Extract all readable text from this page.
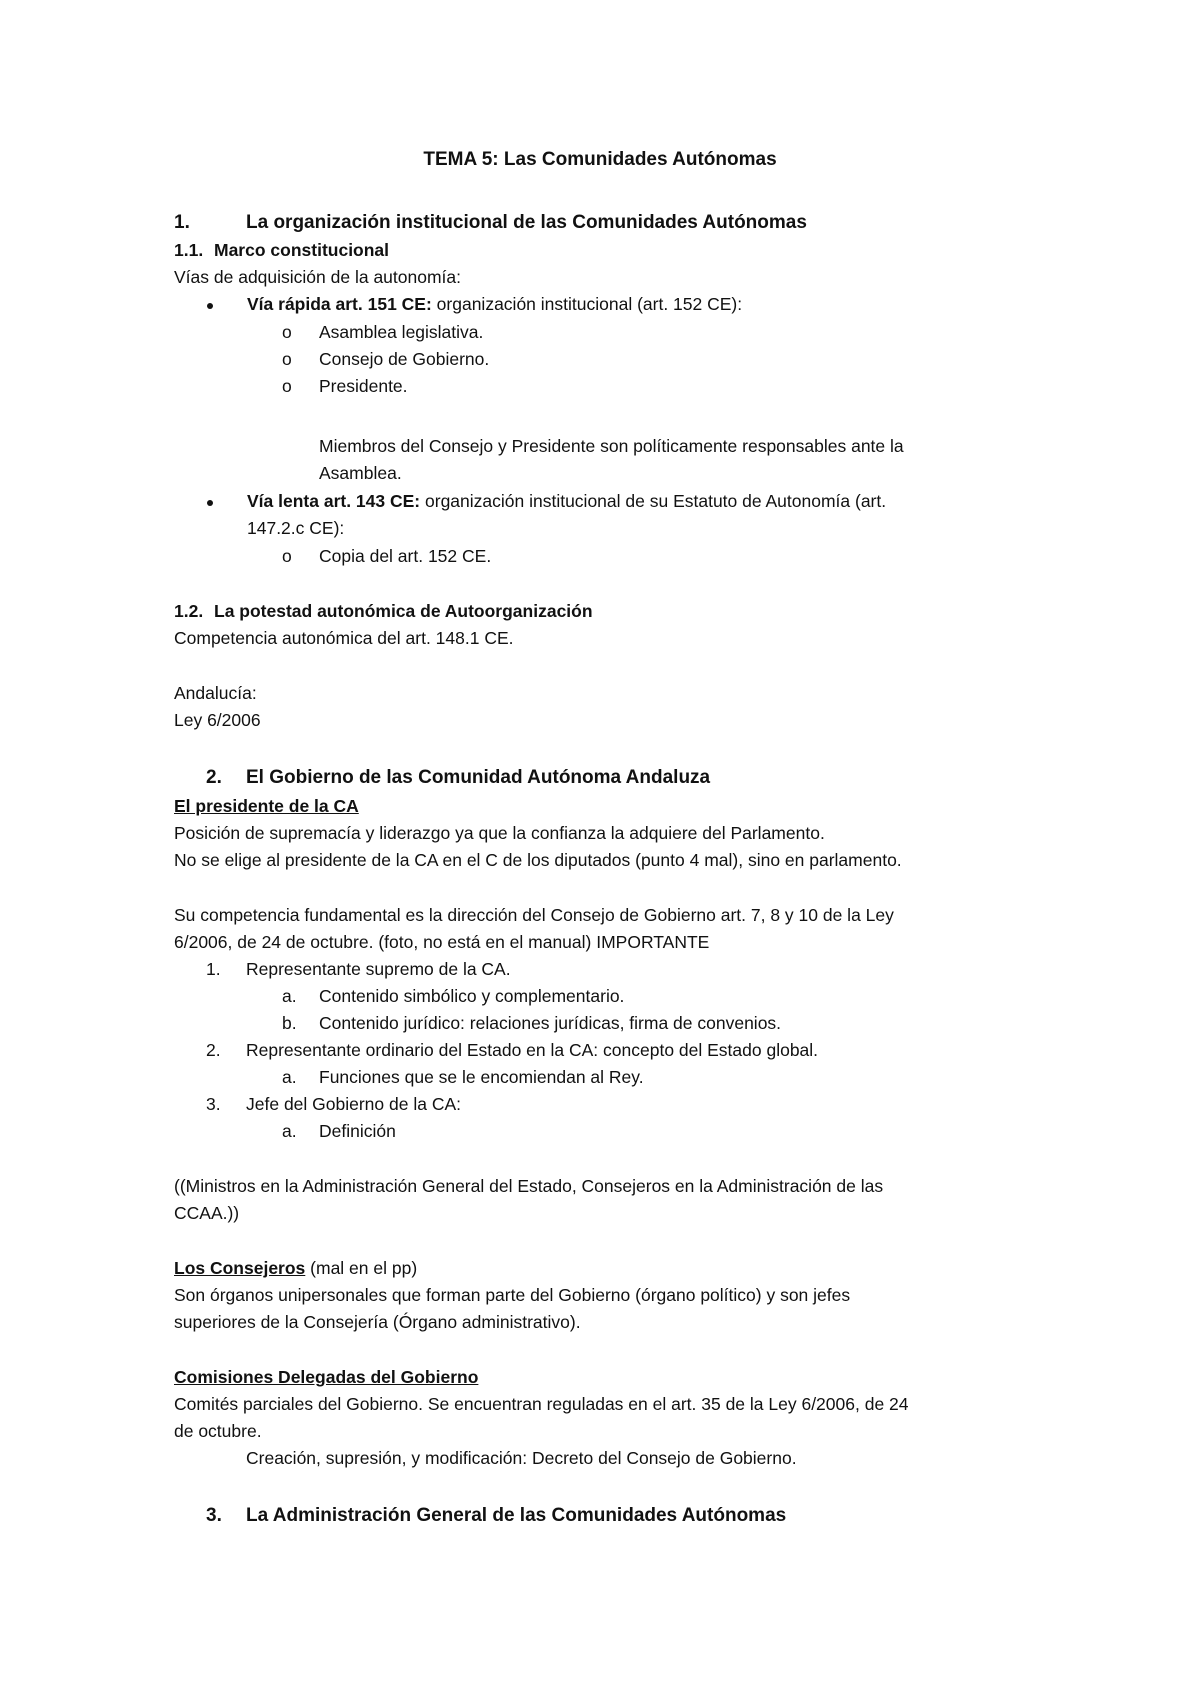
TEMA 5: Las Comunidades Autónomas
1.	La organización institucional de las Comunidades Autónomas
1.1. Marco constitucional
Vías de adquisición de la autonomía:
Vía rápida art. 151 CE: organización institucional (art. 152 CE):
o Asamblea legislativa.
o Consejo de Gobierno.
o Presidente.
Miembros del Consejo y Presidente son políticamente responsables ante la
Asamblea.
Vía lenta art. 143 CE: organización institucional de su Estatuto de Autonomía (art.
147.2.c CE):
o Copia del art. 152 CE.
1.2. La potestad autonómica de Autoorganización
Competencia autonómica del art. 148.1 CE.
Andalucía:
Ley 6/2006
2. El Gobierno de las Comunidad Autónoma Andaluza
El presidente de la CA
Posición de supremacía y liderazgo ya que la confianza la adquiere del Parlamento.
No se elige al presidente de la CA en el C de los diputados (punto 4 mal), sino en parlamento.
Su competencia fundamental es la dirección del Consejo de Gobierno art. 7, 8 y 10 de la Ley
6/2006, de 24 de octubre. (foto, no está en el manual) IMPORTANTE
1. Representante supremo de la CA.
a. Contenido simbólico y complementario.
b. Contenido jurídico: relaciones jurídicas, firma de convenios.
2. Representante ordinario del Estado en la CA: concepto del Estado global.
a. Funciones que se le encomiendan al Rey.
3. Jefe del Gobierno de la CA:
a. Definición
((Ministros en la Administración General del Estado, Consejeros en la Administración de las
CCAA.))
Los Consejeros (mal en el pp)
Son órganos unipersonales que forman parte del Gobierno (órgano político) y son jefes
superiores de la Consejería (Órgano administrativo).
Comisiones Delegadas del Gobierno
Comités parciales del Gobierno. Se encuentran reguladas en el art. 35 de la Ley 6/2006, de 24
de octubre.
Creación, supresión, y modificación: Decreto del Consejo de Gobierno.
3. La Administración General de las Comunidades Autónomas
